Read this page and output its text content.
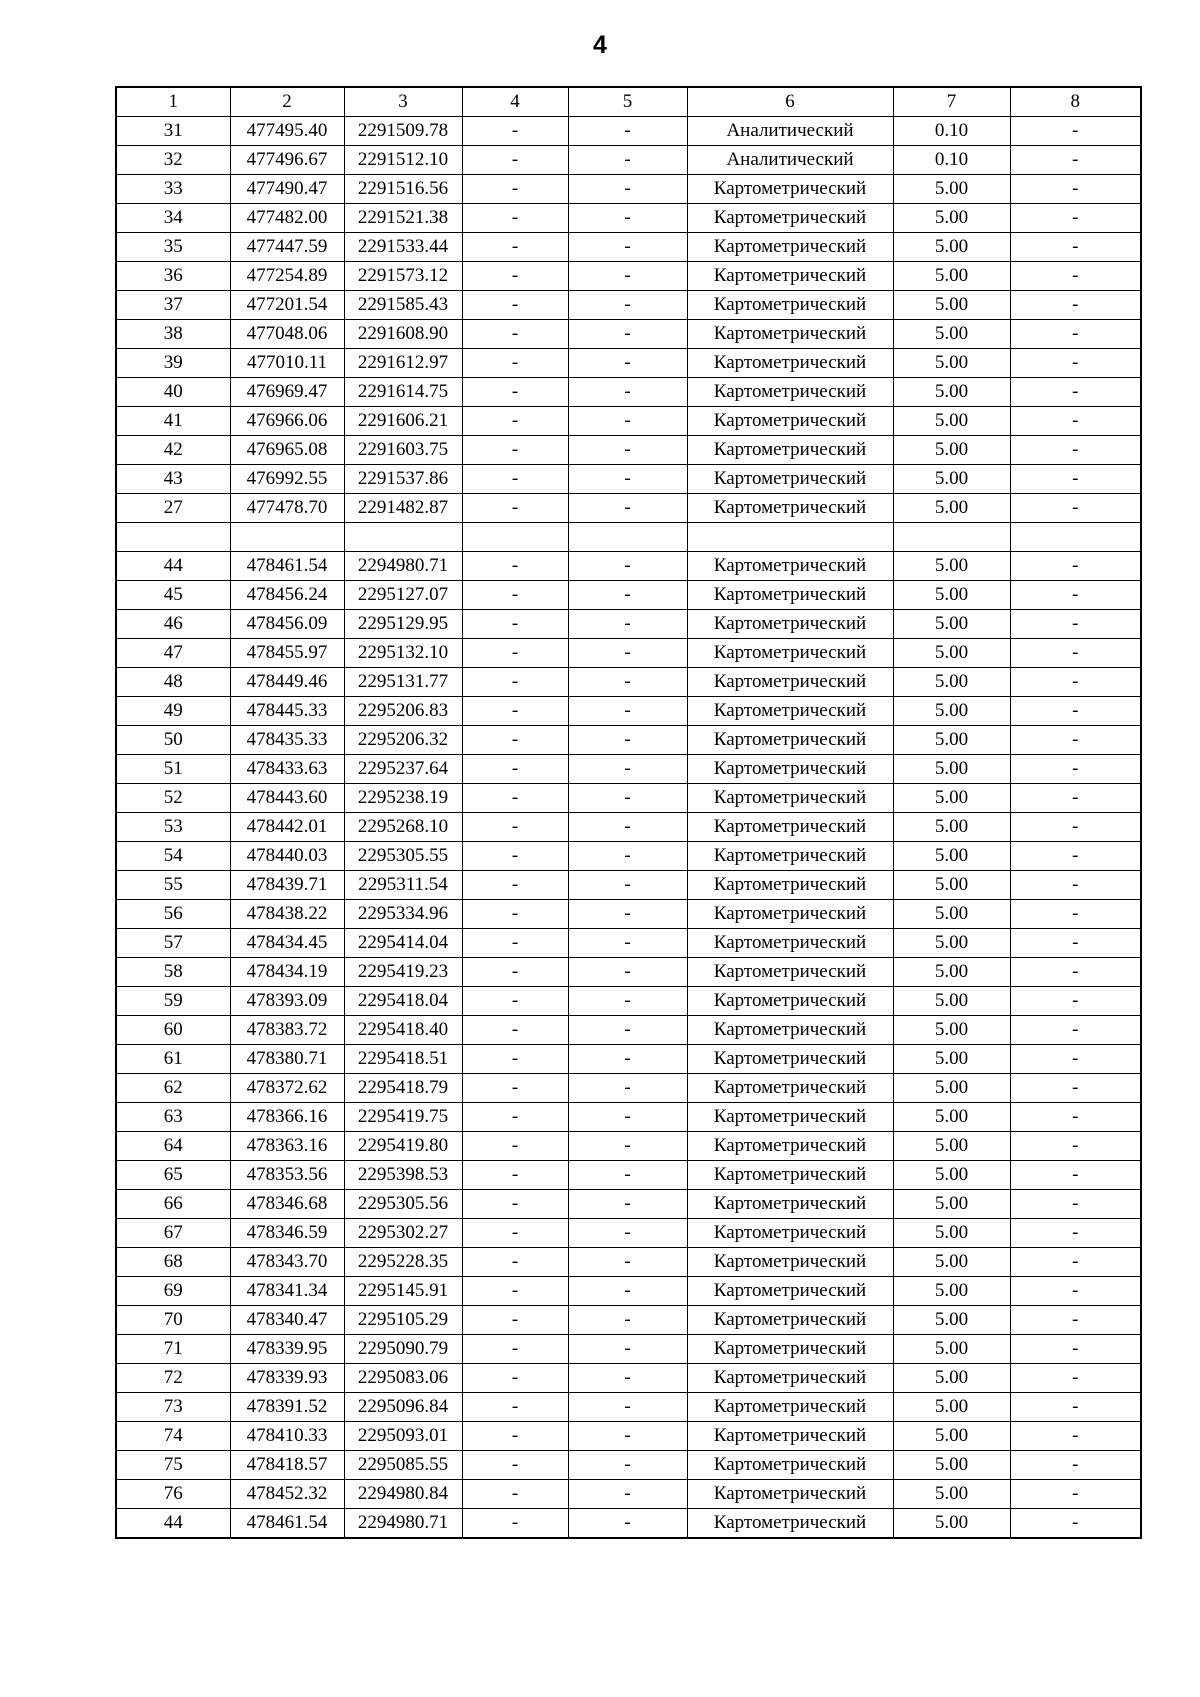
4
1	2	3	4	5	6	7	8
31	477495.40	2291509.78	-	-	Аналитический	0.10	-
32	477496.67	2291512.10	-	-	Аналитический	0.10	-
33	477490.47	2291516.56	-	-	Картометрический	5.00	-
34	477482.00	2291521.38	-	-	Картометрический	5.00	-
35	477447.59	2291533.44	-	-	Картометрический	5.00	-
36	477254.89	2291573.12	-	-	Картометрический	5.00	-
37	477201.54	2291585.43	-	-	Картометрический	5.00	-
38	477048.06	2291608.90	-	-	Картометрический	5.00	-
39	477010.11	2291612.97	-	-	Картометрический	5.00	-
40	476969.47	2291614.75	-	-	Картометрический	5.00	-
41	476966.06	2291606.21	-	-	Картометрический	5.00	-
42	476965.08	2291603.75	-	-	Картометрический	5.00	-
43	476992.55	2291537.86	-	-	Картометрический	5.00	-
27	477478.70	2291482.87	-	-	Картометрический	5.00	-

44	478461.54	2294980.71	-	-	Картометрический	5.00	-
45	478456.24	2295127.07	-	-	Картометрический	5.00	-
46	478456.09	2295129.95	-	-	Картометрический	5.00	-
47	478455.97	2295132.10	-	-	Картометрический	5.00	-
48	478449.46	2295131.77	-	-	Картометрический	5.00	-
49	478445.33	2295206.83	-	-	Картометрический	5.00	-
50	478435.33	2295206.32	-	-	Картометрический	5.00	-
51	478433.63	2295237.64	-	-	Картометрический	5.00	-
52	478443.60	2295238.19	-	-	Картометрический	5.00	-
53	478442.01	2295268.10	-	-	Картометрический	5.00	-
54	478440.03	2295305.55	-	-	Картометрический	5.00	-
55	478439.71	2295311.54	-	-	Картометрический	5.00	-
56	478438.22	2295334.96	-	-	Картометрический	5.00	-
57	478434.45	2295414.04	-	-	Картометрический	5.00	-
58	478434.19	2295419.23	-	-	Картометрический	5.00	-
59	478393.09	2295418.04	-	-	Картометрический	5.00	-
60	478383.72	2295418.40	-	-	Картометрический	5.00	-
61	478380.71	2295418.51	-	-	Картометрический	5.00	-
62	478372.62	2295418.79	-	-	Картометрический	5.00	-
63	478366.16	2295419.75	-	-	Картометрический	5.00	-
64	478363.16	2295419.80	-	-	Картометрический	5.00	-
65	478353.56	2295398.53	-	-	Картометрический	5.00	-
66	478346.68	2295305.56	-	-	Картометрический	5.00	-
67	478346.59	2295302.27	-	-	Картометрический	5.00	-
68	478343.70	2295228.35	-	-	Картометрический	5.00	-
69	478341.34	2295145.91	-	-	Картометрический	5.00	-
70	478340.47	2295105.29	-	-	Картометрический	5.00	-
71	478339.95	2295090.79	-	-	Картометрический	5.00	-
72	478339.93	2295083.06	-	-	Картометрический	5.00	-
73	478391.52	2295096.84	-	-	Картометрический	5.00	-
74	478410.33	2295093.01	-	-	Картометрический	5.00	-
75	478418.57	2295085.55	-	-	Картометрический	5.00	-
76	478452.32	2294980.84	-	-	Картометрический	5.00	-
44	478461.54	2294980.71	-	-	Картометрический	5.00	-
